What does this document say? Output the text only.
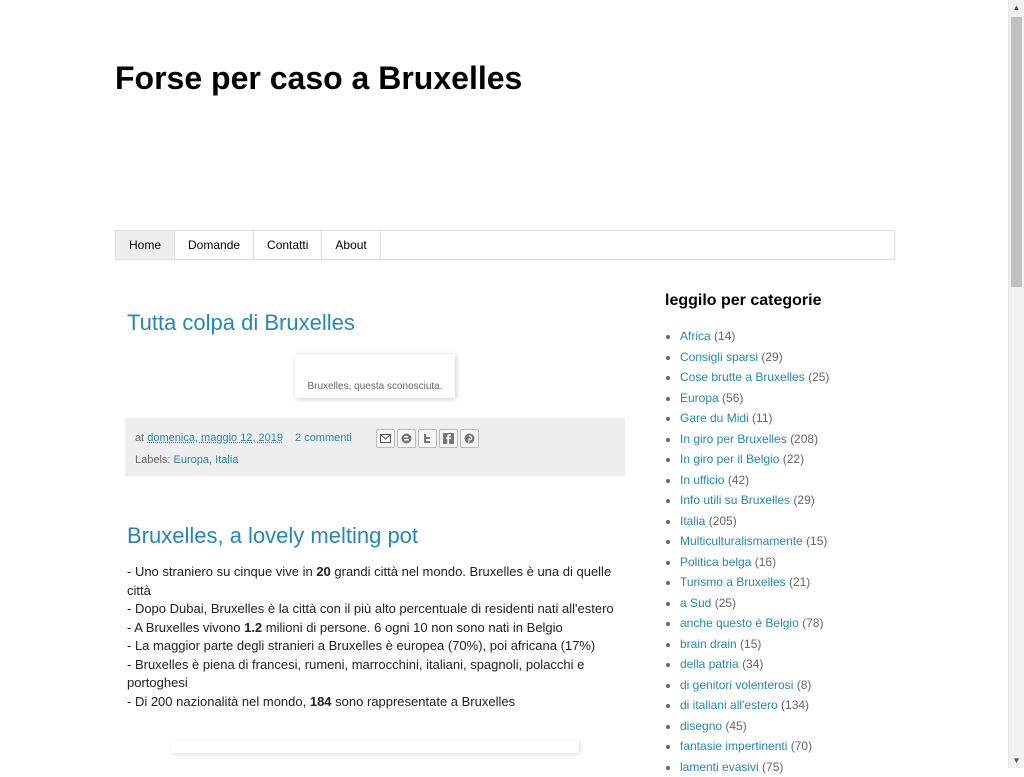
Forse per caso a Bruxelles
Home	Domande	Contatti	About
Tutta colpa di Bruxelles
Bruxelles, questa sconosciuta.
at
domenica, maggio 12, 2019 2 commenti
Labels: Europa, Italia
Bruxelles, a lovely melting pot

- Uno straniero su cinque vive in 20 grandi città nel mondo. Bruxelles è una di quelle città

- Dopo Dubai, Bruxelles è la città con il più alto percentuale di residenti nati all'estero

- A Bruxelles vivono 1.2 milioni di persone. 6 ogni 10 non sono nati in Belgio

- La maggior parte degli stranieri a Bruxelles è europea (70%), poi africana (17%)

- Bruxelles è piena di francesi, rumeni, marrocchini, italiani, spagnoli, polacchi e portoghesi

- Di 200 nazionalità nel mondo, 184 sono rappresentate a Bruxelles

leggilo per categorie
• Africa (14)
• Consigli sparsi (29)
• Cose brutte a Bruxelles (25)
• Europa (56)
• Gare du Midi (11)
• In giro per Bruxelles (208)
• In giro per il Belgio (22)
• In ufficio (42)
• Info utili su Bruxelles (29)
• Italia (205)
• Multiculturalismamente (15)
• Politica belga (16)
• Turismo a Bruxelles (21)
• a Sud (25)
• anche questo è Belgio (78)
• brain drain (15)
• della patria (34)
• di genitori volenterosi (8)
• di italiani all'estero (134)
• disegno (45)
• fantasie impertinenti (70)
• lamenti evasivi (75)
▲
▼
